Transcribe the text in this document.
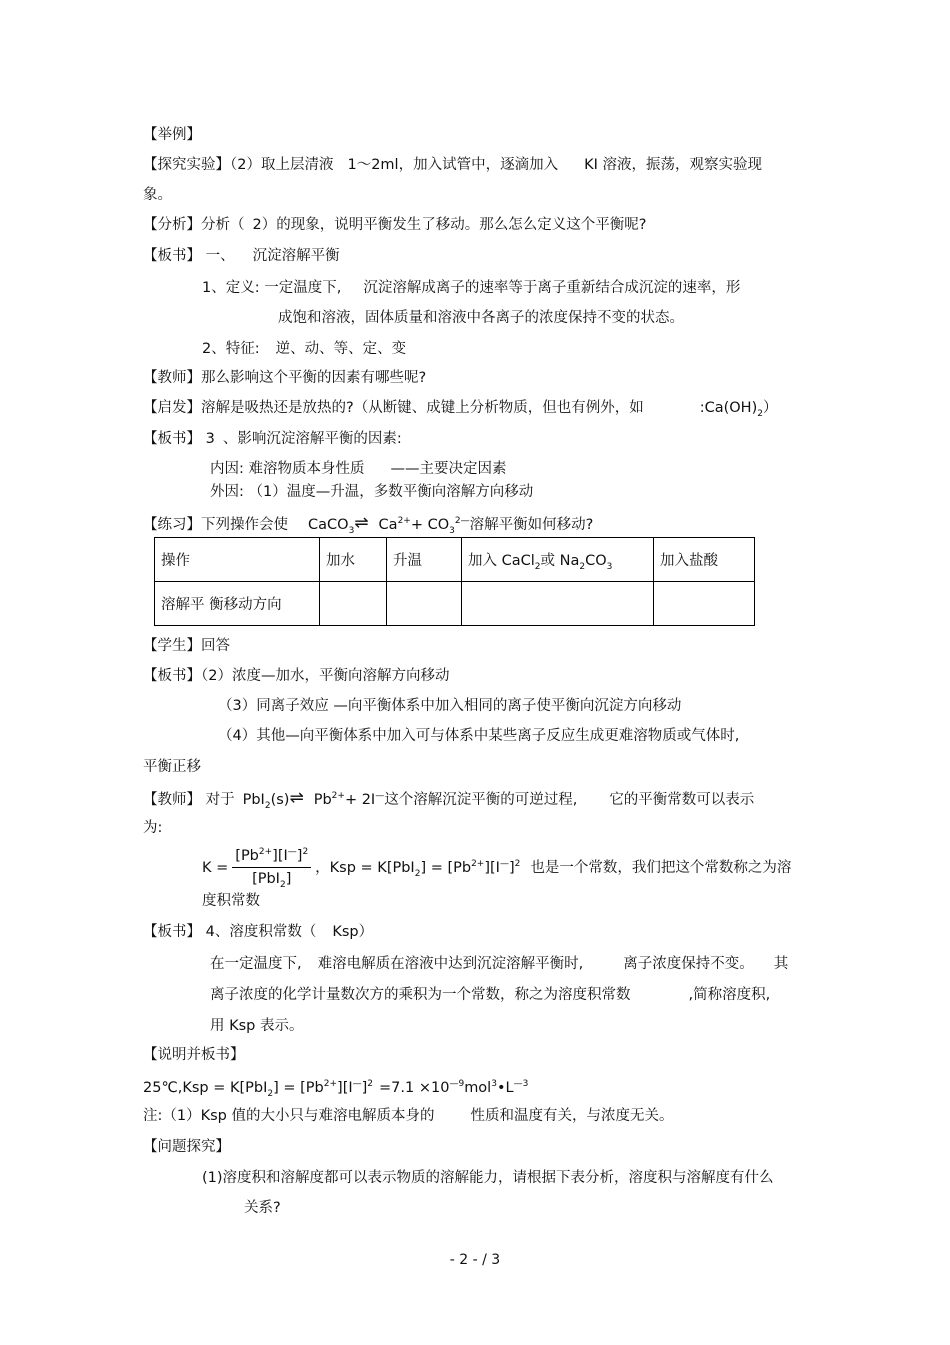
【举例】
【探究实验】（2）取上层清液 1～2ml，加入试管中，逐滴加入 KI 溶液，振荡，观察实验现
象。
【分析】分析（ 2）的现象，说明平衡发生了移动。那么怎么定义这个平衡呢?
【板书】 一、 沉淀溶解平衡
1、定义: 一定温度下, 沉淀溶解成离子的速率等于离子重新结合成沉淀的速率，形
成饱和溶液，固体质量和溶液中各离子的浓度保持不变的状态。
2、特征: 逆、动、等、定、变
【教师】那么影响这个平衡的因素有哪些呢?
【启发】溶解是吸热还是放热的?（从断键、成键上分析物质，但也有例外，如	$:Ca(OH)_2$）
【板书】 3 、影响沉淀溶解平衡的因素:
内因: 难溶物质本身性质 ——主要决定因素
外因: （1）温度—升温，多数平衡向溶解方向移动
【练习】下列操作会使 CaCO$_3$⇌ $Ca^{2+}+ CO_3^{2—}$溶解平衡如何移动?
操作	加水	升温	加入 CaCl$_2$或 $Na_2CO_3$	加入盐酸
溶解平 衡移动方向				
【学生】回答
【板书】（2）浓度—加水，平衡向溶解方向移动
（3）同离子效应 —向平衡体系中加入相同的离子使平衡向沉淀方向移动
（4）其他—向平衡体系中加入可与体系中某些离子反应生成更难溶物质或气体时,
平衡正移
【教师】 对于 PbI$_2$(s)⇌ $Pb^{2+}+ 2I^—$这个溶解沉淀平衡的可逆过程, 它的平衡常数可以表示
为:
$K = \frac{[Pb^{2+}][I^—]^2}{[PbI_2]}$ ，Ksp = $K[PbI_2] = [Pb^{2+}][I^—]^2$ 也是一个常数，我们把这个常数称之为溶
度积常数
【板书】 4、溶度积常数（ Ksp）
在一定温度下, 难溶电解质在溶液中达到沉淀溶解平衡时,	离子浓度保持不变。 其
离子浓度的化学计量数次方的乘积为一个常数，称之为溶度积常数	,简称溶度积,
用 Ksp 表示。
【说明并板书】
25℃,Ksp = $K[PbI_2] = [Pb^{2+}][I^—]^2 =7.1$ $\times 10^{—9}mol^3•L^{—3}$
注:（1）Ksp 值的大小只与难溶电解质本身的 性质和温度有关，与浓度无关。
【问题探究】
(1)溶度积和溶解度都可以表示物质的溶解能力，请根据下表分析，溶度积与溶解度有什么
关系?
- 2 - / 3
